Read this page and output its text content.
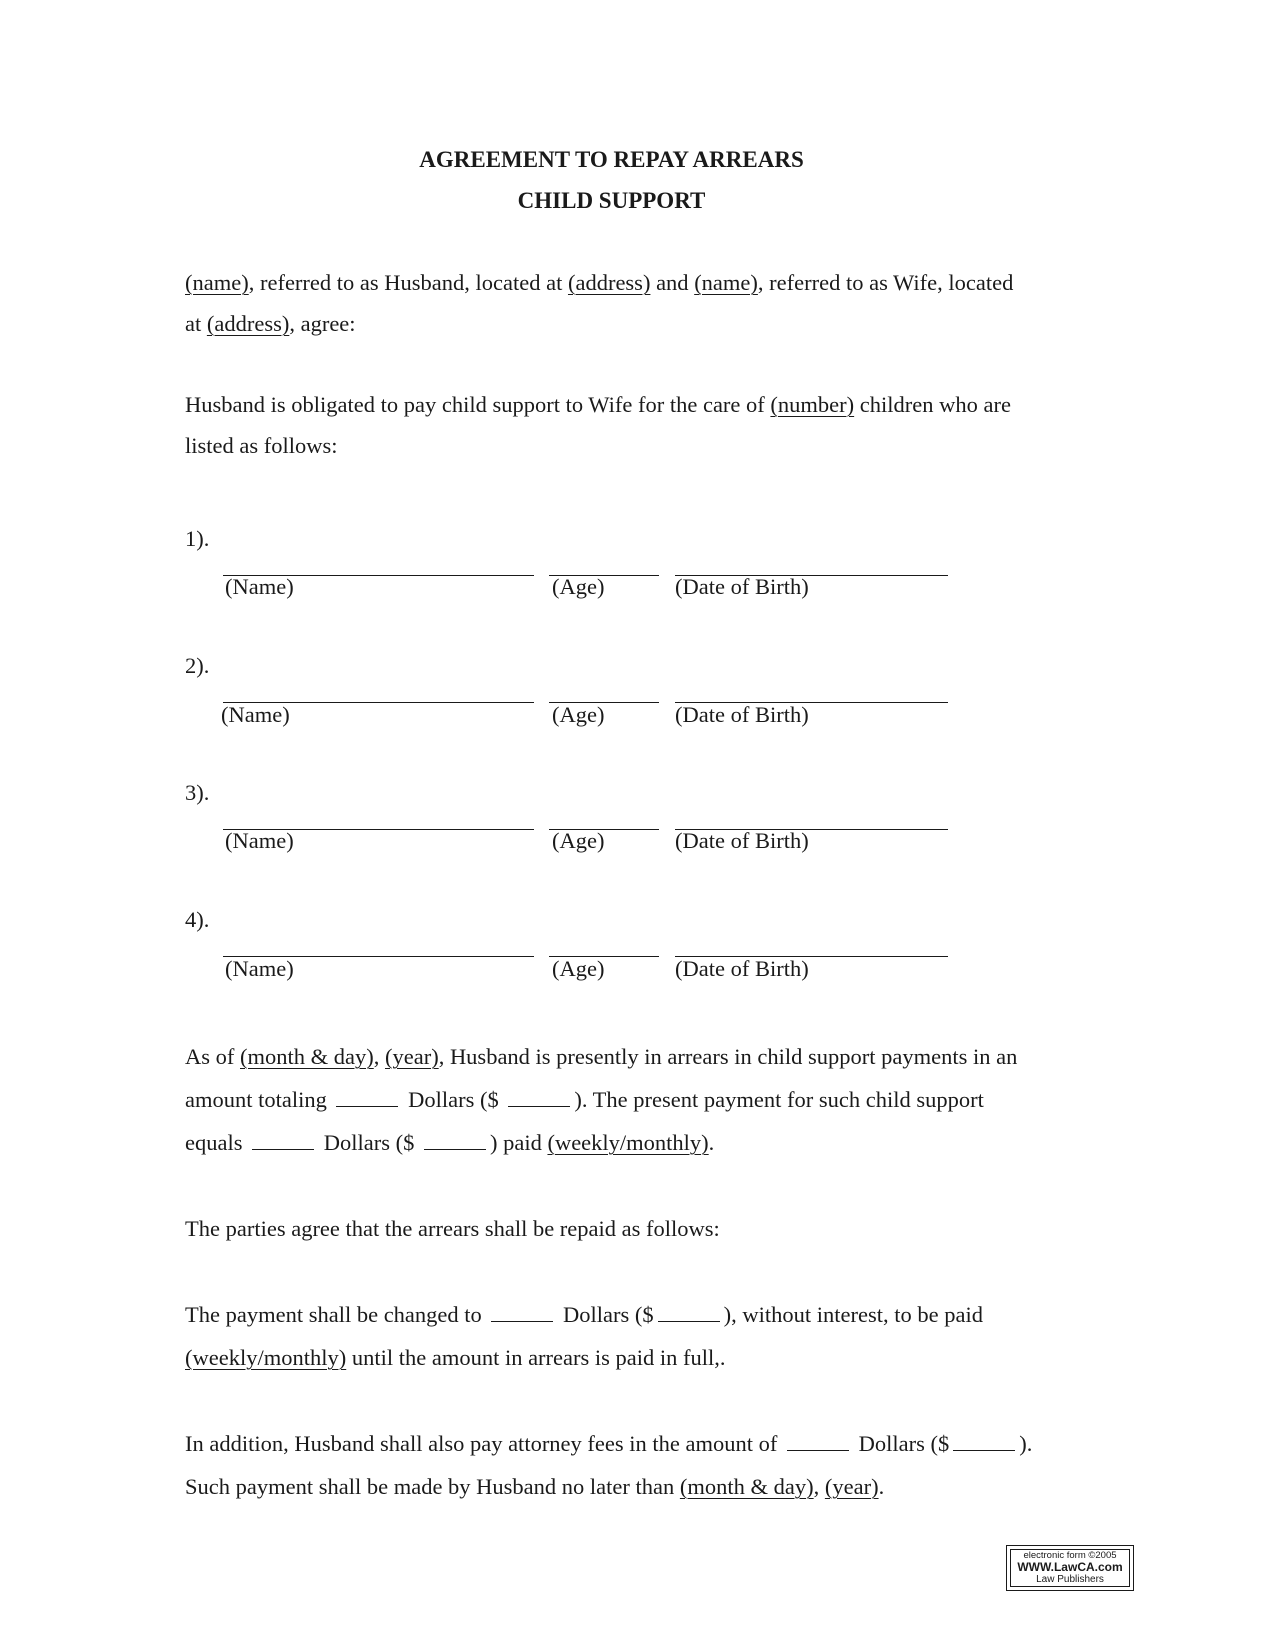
AGREEMENT TO REPAY ARREARS
CHILD SUPPORT
(name), referred to as Husband, located at (address) and (name), referred to as Wife, located
at (address), agree:
Husband is obligated to pay child support to Wife for the care of (number) children who are
listed as follows:
1).
(Name)	(Age)	(Date of Birth)
2).
(Name)	(Age)	(Date of Birth)
3).
(Name)	(Age)	(Date of Birth)
4).
(Name)	(Age)	(Date of Birth)
As of (month & day), (year), Husband is presently in arrears in child support payments in an
amount totaling	Dollars ($	). The present payment for such child support
equals	Dollars ($	) paid (weekly/monthly).
The parties agree that the arrears shall be repaid as follows:
The payment shall be changed to	Dollars ($	), without interest, to be paid
(weekly/monthly) until the amount in arrears is paid in full,.
In addition, Husband shall also pay attorney fees in the amount of	Dollars ($	).
Such payment shall be made by Husband no later than (month & day), (year).
electronic form ©2005
WWW.LawCA.com
Law Publishers
